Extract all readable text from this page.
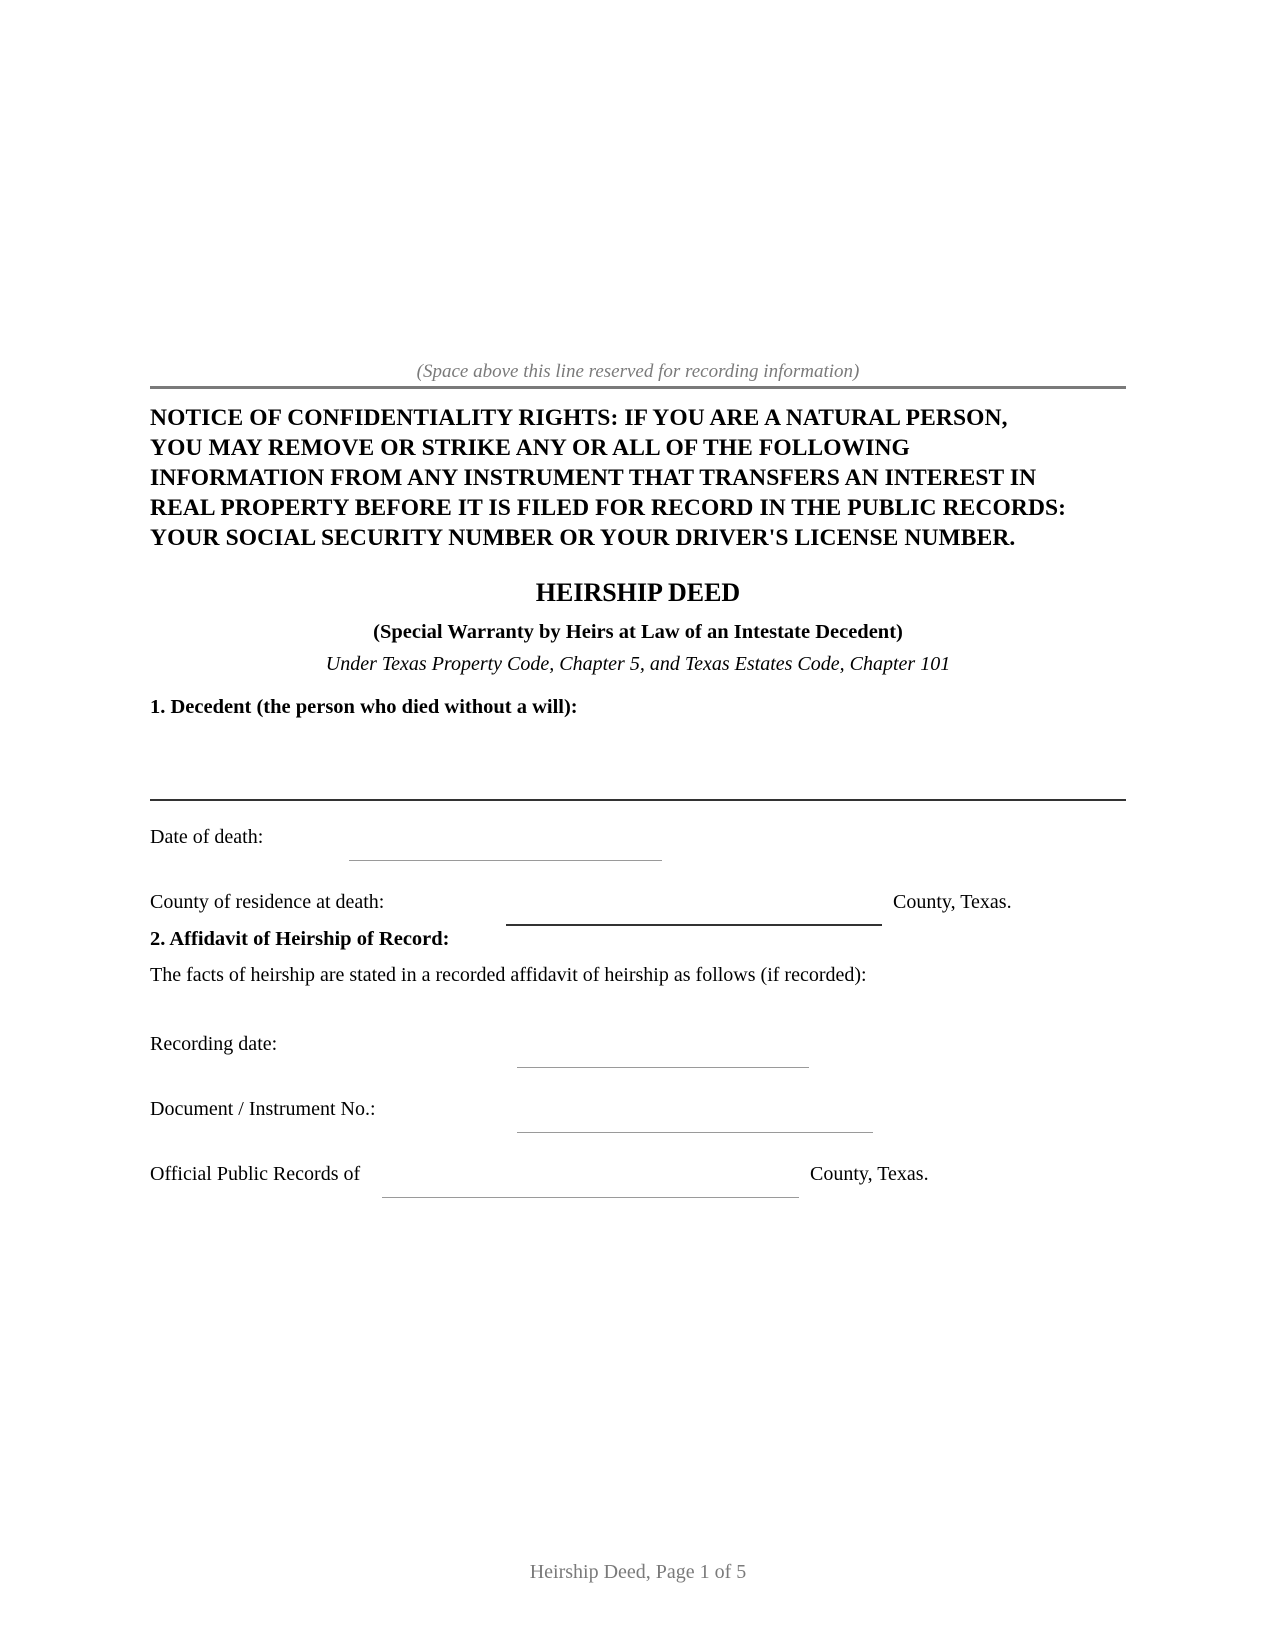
(Space above this line reserved for recording information)
NOTICE OF CONFIDENTIALITY RIGHTS: IF YOU ARE A NATURAL PERSON,
YOU MAY REMOVE OR STRIKE ANY OR ALL OF THE FOLLOWING
INFORMATION FROM ANY INSTRUMENT THAT TRANSFERS AN INTEREST IN
REAL PROPERTY BEFORE IT IS FILED FOR RECORD IN THE PUBLIC RECORDS:
YOUR SOCIAL SECURITY NUMBER OR YOUR DRIVER'S LICENSE NUMBER.
HEIRSHIP DEED
(Special Warranty by Heirs at Law of an Intestate Decedent)
Under Texas Property Code, Chapter 5, and Texas Estates Code, Chapter 101
1. Decedent (the person who died without a will):
Date of death:
County of residence at death:	County, Texas.
2. Affidavit of Heirship of Record:
The facts of heirship are stated in a recorded affidavit of heirship as follows (if recorded):
Recording date:
Document / Instrument No.:
Official Public Records of	County, Texas.
Heirship Deed, Page 1 of 5
